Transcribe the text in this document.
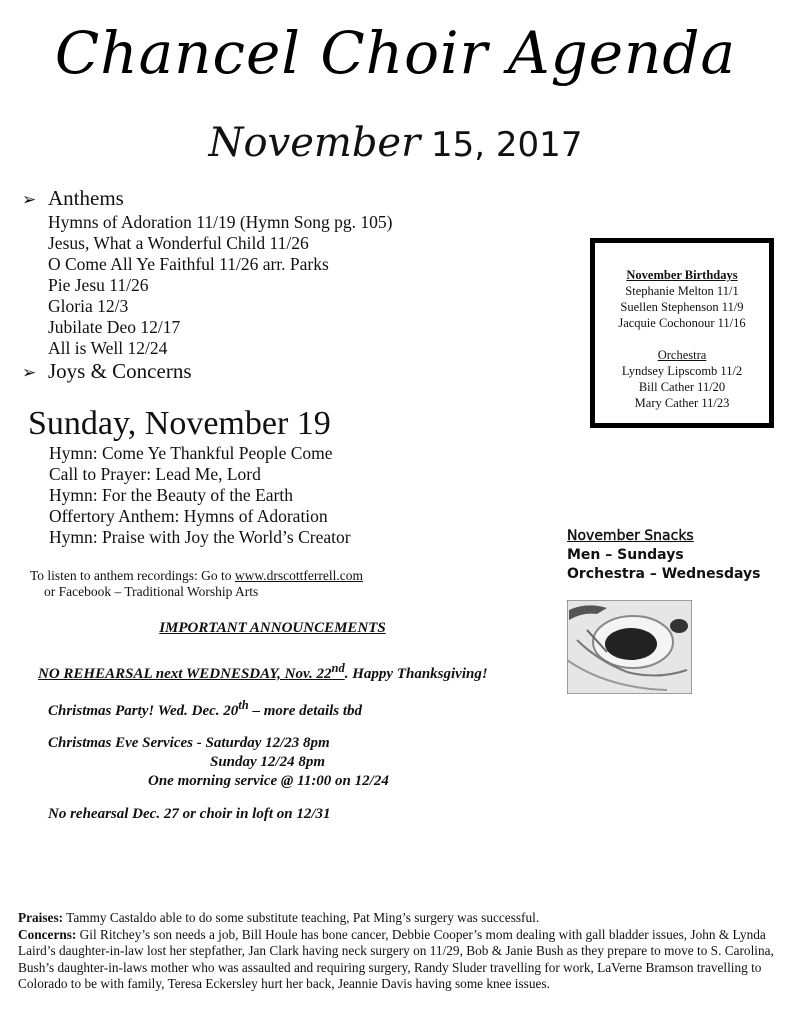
Chancel Choir Agenda
November 15, 2017
➢ Anthems
Hymns of Adoration 11/19 (Hymn Song pg. 105)
Jesus, What a Wonderful Child 11/26
O Come All Ye Faithful 11/26 arr. Parks
Pie Jesu 11/26
Gloria 12/3
Jubilate Deo 12/17
All is Well 12/24
➢ Joys & Concerns
Sunday, November 19
Hymn: Come Ye Thankful People Come
Call to Prayer: Lead Me, Lord
Hymn: For the Beauty of the Earth
Offertory Anthem: Hymns of Adoration
Hymn: Praise with Joy the World’s Creator
To listen to anthem recordings: Go to www.drscottferrell.com
or Facebook – Traditional Worship Arts
IMPORTANT ANNOUNCEMENTS
NO REHEARSAL next WEDNESDAY, Nov. 22nd. Happy Thanksgiving!
Christmas Party! Wed. Dec. 20th – more details tbd
Christmas Eve Services - Saturday 12/23 8pm
Sunday 12/24 8pm
One morning service @ 11:00 on 12/24
No rehearsal Dec. 27 or choir in loft on 12/31
November Birthdays
Stephanie Melton 11/1
Suellen Stephenson 11/9
Jacquie Cochonour 11/16
Orchestra
Lyndsey Lipscomb 11/2
Bill Cather 11/20
Mary Cather 11/23
November Snacks
Men – Sundays
Orchestra – Wednesdays
Praises: Tammy Castaldo able to do some substitute teaching, Pat Ming’s surgery was successful.
Concerns: Gil Ritchey’s son needs a job, Bill Houle has bone cancer, Debbie Cooper’s mom dealing with gall bladder issues, John & Lynda Laird’s daughter-in-law lost her stepfather, Jan Clark having neck surgery on 11/29, Bob & Janie Bush as they prepare to move to S. Carolina, Bush’s daughter-in-laws mother who was assaulted and requiring surgery, Randy Sluder travelling for work, LaVerne Bramson travelling to Colorado to be with family, Teresa Eckersley hurt her back, Jeannie Davis having some knee issues.
